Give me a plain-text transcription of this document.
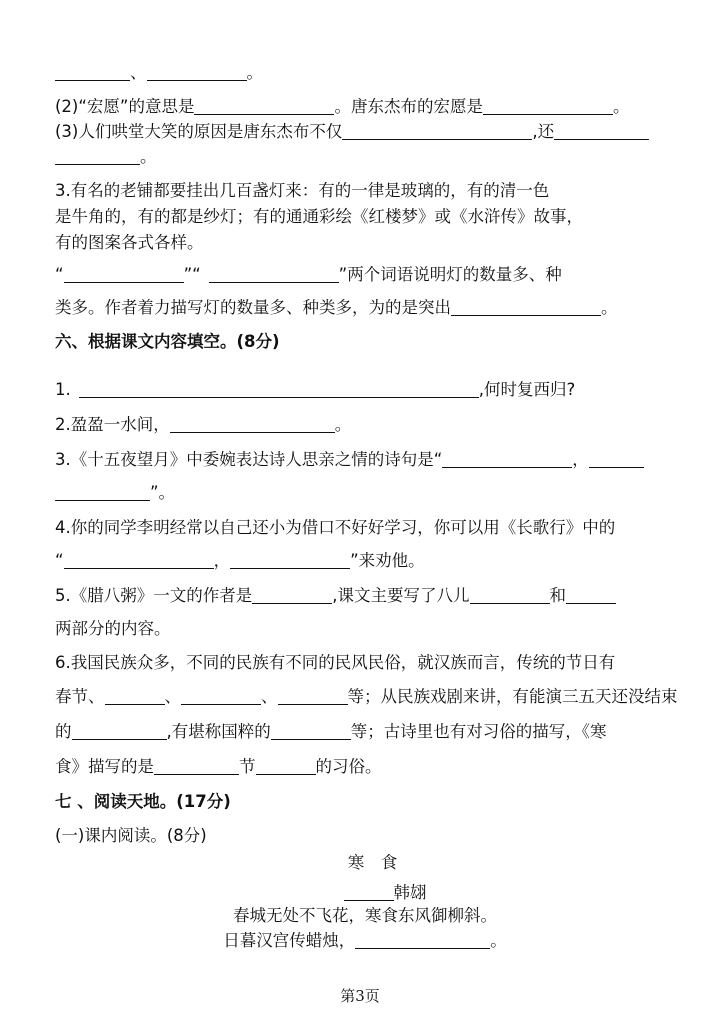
、	。
(2)“宏愿”的意思是	。唐东杰布的宏愿是	。
(3)人们哄堂大笑的原因是唐东杰布不仅	,还
。
3.有名的老铺都要挂出几百盏灯来：有的一律是玻璃的，有的清一色
是牛角的，有的都是纱灯；有的通通彩绘《红楼梦》或《水浒传》故事，
有的图案各式各样。
“	”“	”两个词语说明灯的数量多、种
类多。作者着力描写灯的数量多、种类多，为的是突出	。
六、根据课文内容填空。(8分)
1.	,何时复西归?
2.盈盈一水间，	。
3.《十五夜望月》中委婉表达诗人思亲之情的诗句是“	，
”。
4.你的同学李明经常以自己还小为借口不好好学习，你可以用《长歌行》中的
“	，	”来劝他。
5.《腊八粥》一文的作者是	,课文主要写了八儿	和
两部分的内容。
6.我国民族众多，不同的民族有不同的民风民俗，就汉族而言，传统的节日有
春节、	、	、	等；从民族戏剧来讲，有能演三五天还没结束
的	,有堪称国粹的	等；古诗里也有对习俗的描写，《寒
食》描写的是	节	的习俗。
七 、阅读天地。(17分)
(一)课内阅读。(8分)
寒　食
韩翃
春城无处不飞花，寒食东风御柳斜。
日暮汉宫传蜡烛，	。
第3页
